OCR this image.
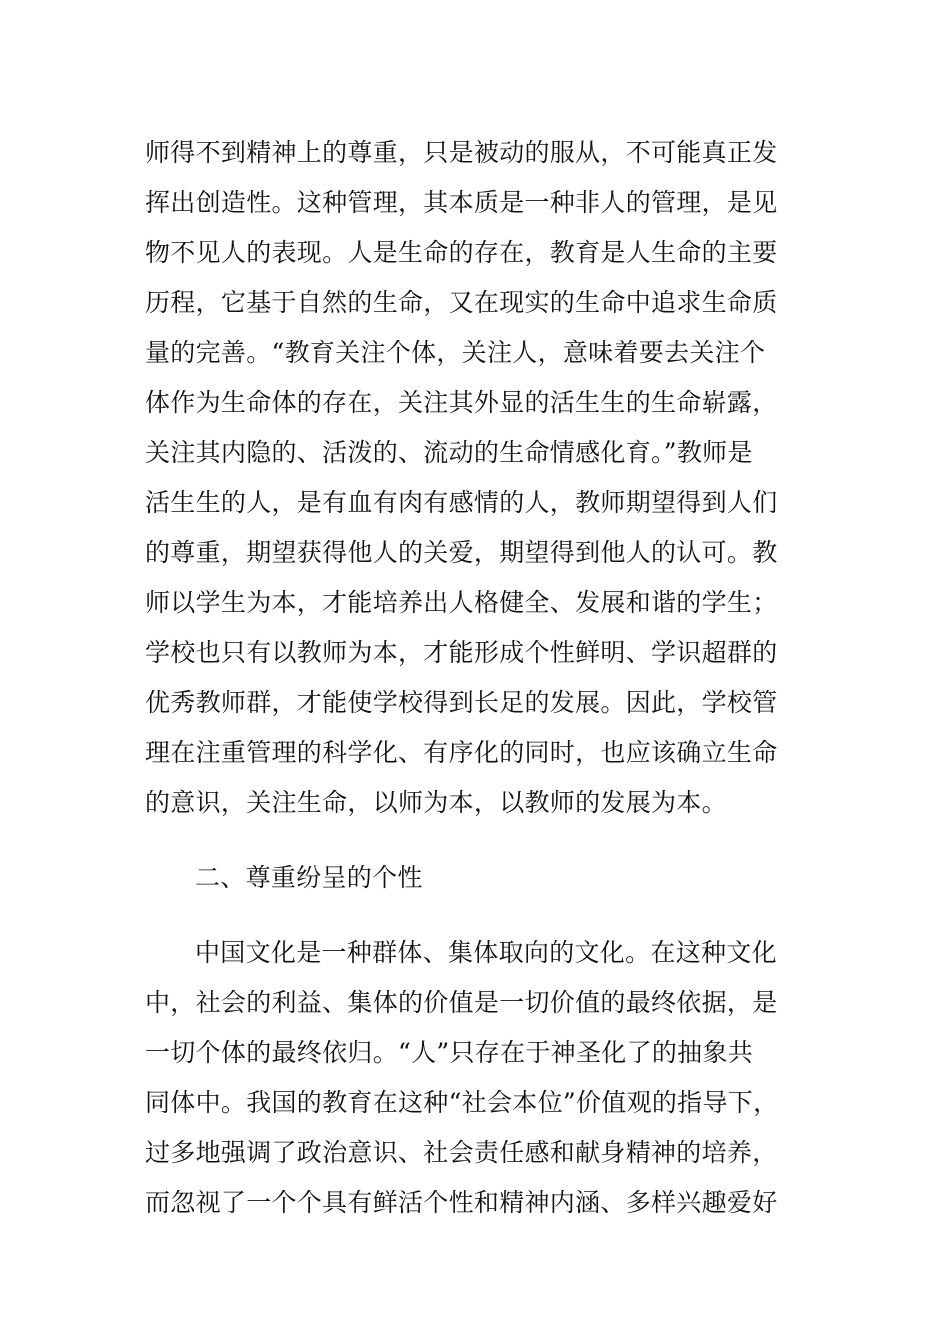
师得不到精神上的尊重，只是被动的服从，不可能真正发
挥出创造性。这种管理，其本质是一种非人的管理，是见
物不见人的表现。人是生命的存在，教育是人生命的主要
历程，它基于自然的生命，又在现实的生命中追求生命质
量的完善。“教育关注个体，关注人，意味着要去关注个
体作为生命体的存在，关注其外显的活生生的生命崭露，
关注其内隐的、活泼的、流动的生命情感化育。”教师是
活生生的人，是有血有肉有感情的人，教师期望得到人们
的尊重，期望获得他人的关爱，期望得到他人的认可。教
师以学生为本，才能培养出人格健全、发展和谐的学生；
学校也只有以教师为本，才能形成个性鲜明、学识超群的
优秀教师群，才能使学校得到长足的发展。因此，学校管
理在注重管理的科学化、有序化的同时，也应该确立生命
的意识，关注生命，以师为本，以教师的发展为本。
二、尊重纷呈的个性
中国文化是一种群体、集体取向的文化。在这种文化
中，社会的利益、集体的价值是一切价值的最终依据，是
一切个体的最终依归。“人”只存在于神圣化了的抽象共
同体中。我国的教育在这种“社会本位”价值观的指导下，
过多地强调了政治意识、社会责任感和献身精神的培养，
而忽视了一个个具有鲜活个性和精神内涵、多样兴趣爱好
